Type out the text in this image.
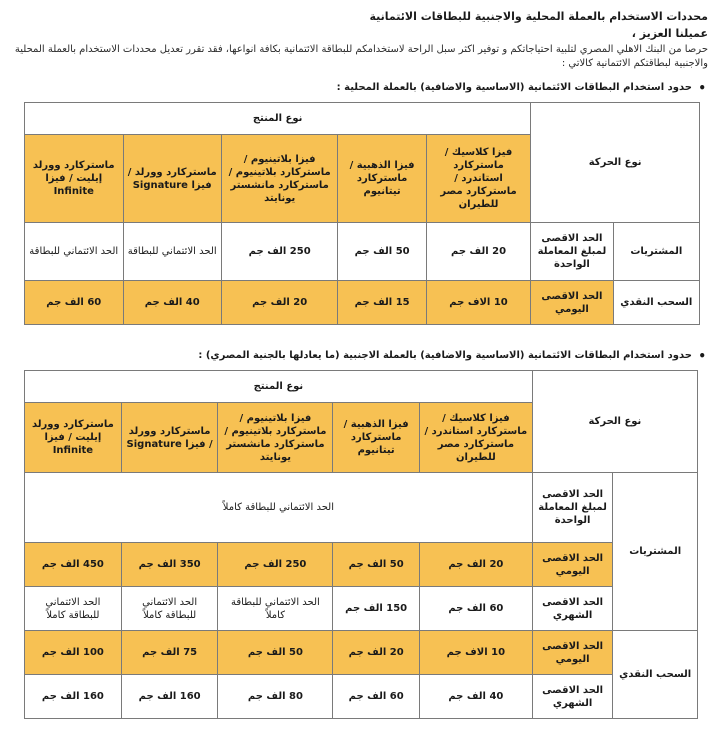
محددات الاستخدام بالعملة المحلية والاجنبية للبطاقات الائتمانية
عميلنا العزيز ،
حرصا من البنك الاهلي المصري لتلبية احتياجاتكم و توفير اكثر سبل الراحة لاستخدامكم للبطاقة الائتمانية بكافة انواعها، فقد تقرر تعديل محددات الاستخدام بالعملة المحلية والاجنبية لبطاقتكم الائتمانية كالاتي :
• حدود استخدام البطاقات الائتمانية (الاساسية والاضافية) بالعملة المحلية :
نوع الحركة		نوع المنتج				
		فيزا كلاسيك / ماستركارد استاندرد / ماستركارد مصر للطيران	فيزا الذهبية / ماستركارد تيتانيوم	فيزا بلاتينيوم / ماستركارد بلاتينيوم / ماستركارد مانشستر يونايتد	ماستركارد وورلد / فيزا Signature	ماستركارد وورلد إيليت / فيزا Infinite
المشتريات	الحد الاقصى لمبلغ المعاملة الواحدة	20 الف جم	50 الف جم	250 الف جم	الحد الائتماني للبطاقة	الحد الائتماني للبطاقة
السحب النقدي	الحد الاقصى اليومي	10 الاف جم	15 الف جم	20 الف جم	40 الف جم	60 الف جم
• حدود استخدام البطاقات الائتمانية (الاساسية والاضافية) بالعملة الاجنبية (ما يعادلها بالجنية المصري) :
نوع الحركة		نوع المنتج				
		فيزا كلاسيك / ماستركارد استاندرد / ماستركارد مصر للطيران	فيزا الذهبية / ماستركارد تيتانيوم	فيزا بلاتينيوم / ماستركارد بلاتينيوم / ماستركارد مانشستر يونايتد	ماستركارد وورلد / فيزا Signature	ماستركارد وورلد إيليت / فيزا Infinite
المشتريات	الحد الاقصى لمبلغ المعاملة الواحدة	الحد الائتماني للبطاقة كاملاً				
	الحد الاقصى اليومي	20 الف جم	50 الف جم	250 الف جم	350 الف جم	450 الف جم
	الحد الاقصى الشهري	60 الف جم	150 الف جم	الحد الائتماني للبطاقة كاملاً	الحد الائتماني للبطاقة كاملاً	الحد الائتماني للبطاقة كاملاً
السحب النقدي	الحد الاقصى اليومي	10 الاف جم	20 الف جم	50 الف جم	75 الف جم	100 الف جم
	الحد الاقصى الشهري	40 الف جم	60 الف جم	80 الف جم	160 الف جم	160 الف جم
